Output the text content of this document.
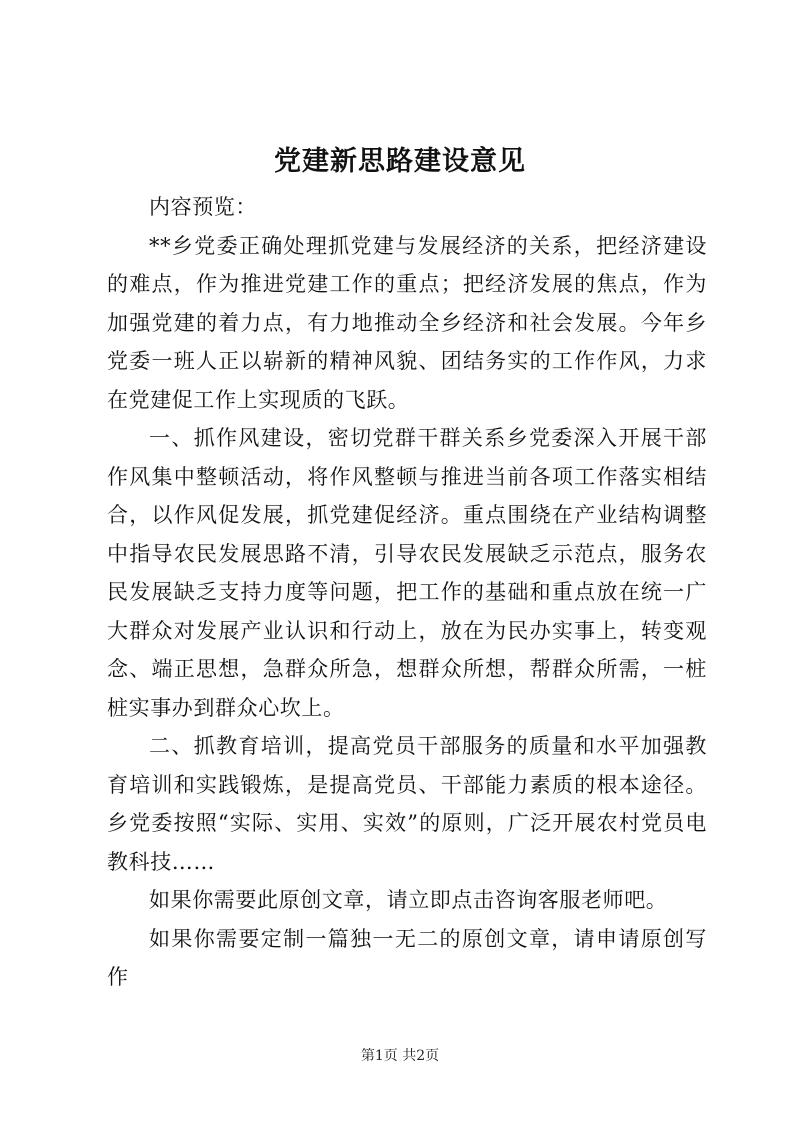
党建新思路建设意见

内容预览：

**乡党委正确处理抓党建与发展经济的关系，把经济建设的难点，作为推进党建工作的重点；把经济发展的焦点，作为加强党建的着力点，有力地推动全乡经济和社会发展。今年乡党委一班人正以崭新的精神风貌、团结务实的工作作风，力求在党建促工作上实现质的飞跃。

一、抓作风建设，密切党群干群关系乡党委深入开展干部作风集中整顿活动，将作风整顿与推进当前各项工作落实相结合，以作风促发展，抓党建促经济。重点围绕在产业结构调整中指导农民发展思路不清，引导农民发展缺乏示范点，服务农民发展缺乏支持力度等问题，把工作的基础和重点放在统一广大群众对发展产业认识和行动上，放在为民办实事上，转变观念、端正思想，急群众所急，想群众所想，帮群众所需，一桩桩实事办到群众心坎上。

二、抓教育培训，提高党员干部服务的质量和水平加强教育培训和实践锻炼，是提高党员、干部能力素质的根本途径。乡党委按照“实际、实用、实效”的原则，广泛开展农村党员电教科技……

如果你需要此原创文章，请立即点击咨询客服老师吧。

如果你需要定制一篇独一无二的原创文章，请申请原创写作

第1页 共2页
